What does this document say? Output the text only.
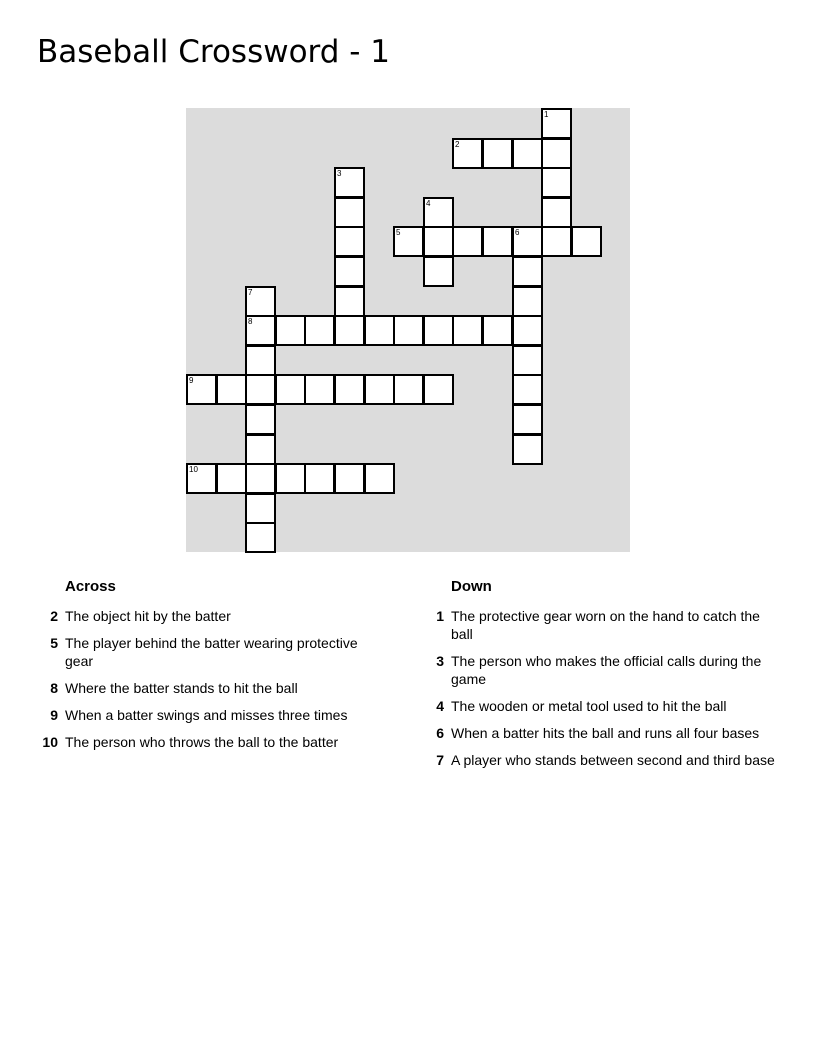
Baseball Crossword - 1
1
2
3
4
5	6
7
8
9
10
Across
2 The object hit by the batter
5 The player behind the batter wearing protective gear
8 Where the batter stands to hit the ball
9 When a batter swings and misses three times
10 The person who throws the ball to the batter
Down
1 The protective gear worn on the hand to catch the ball
3 The person who makes the official calls during the game
4 The wooden or metal tool used to hit the ball
6 When a batter hits the ball and runs all four bases
7 A player who stands between second and third base
